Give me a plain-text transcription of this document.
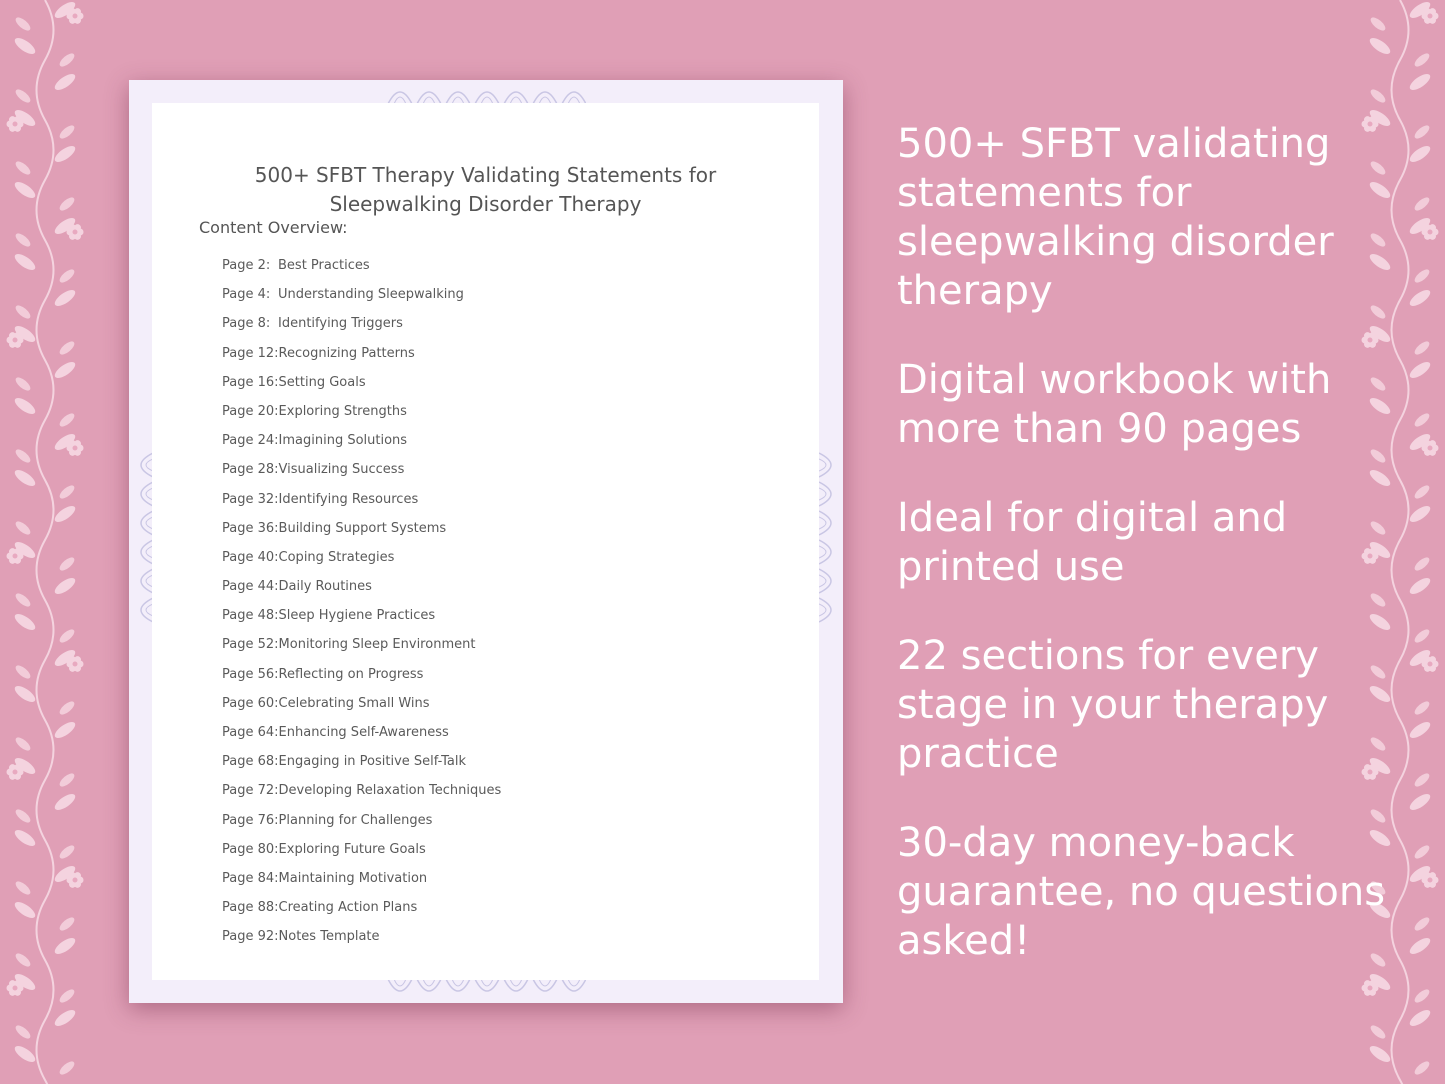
500+ SFBT Therapy Validating Statements for
Sleepwalking Disorder Therapy
Content Overview:
Page 2: Best Practices
Page 4: Understanding Sleepwalking
Page 8: Identifying Triggers
Page 12:Recognizing Patterns
Page 16:Setting Goals
Page 20:Exploring Strengths
Page 24:Imagining Solutions
Page 28:Visualizing Success
Page 32:Identifying Resources
Page 36:Building Support Systems
Page 40:Coping Strategies
Page 44:Daily Routines
Page 48:Sleep Hygiene Practices
Page 52:Monitoring Sleep Environment
Page 56:Reflecting on Progress
Page 60:Celebrating Small Wins
Page 64:Enhancing Self-Awareness
Page 68:Engaging in Positive Self-Talk
Page 72:Developing Relaxation Techniques
Page 76:Planning for Challenges
Page 80:Exploring Future Goals
Page 84:Maintaining Motivation
Page 88:Creating Action Plans
Page 92:Notes Template

500+ SFBT validating statements for sleepwalking disorder therapy

Digital workbook with more than 90 pages

Ideal for digital and printed use

22 sections for every stage in your therapy practice

30-day money-back guarantee, no questions asked!
